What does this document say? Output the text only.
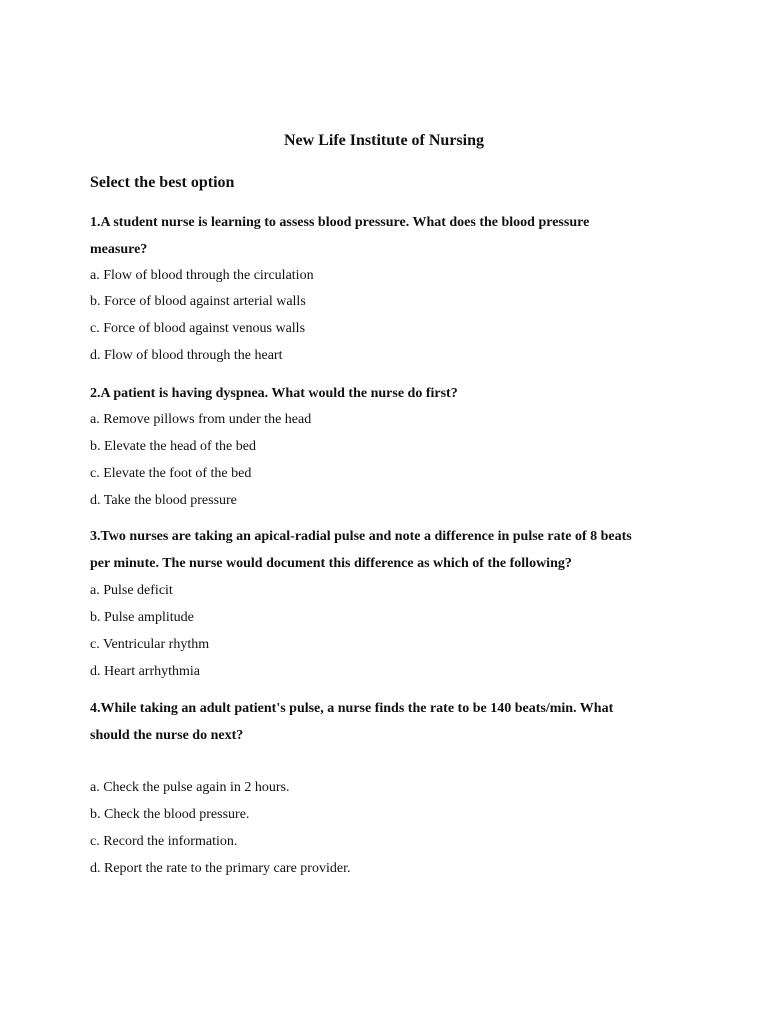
New Life Institute of Nursing
Select the best option
1.A student nurse is learning to assess blood pressure. What does the blood pressure measure?
a. Flow of blood through the circulation
b. Force of blood against arterial walls
c. Force of blood against venous walls
d. Flow of blood through the heart
2.A patient is having dyspnea. What would the nurse do first?
a. Remove pillows from under the head
b. Elevate the head of the bed
c. Elevate the foot of the bed
d. Take the blood pressure
3.Two nurses are taking an apical-radial pulse and note a difference in pulse rate of 8 beats per minute. The nurse would document this difference as which of the following?
a. Pulse deficit
b. Pulse amplitude
c. Ventricular rhythm
d. Heart arrhythmia
4.While taking an adult patient's pulse, a nurse finds the rate to be 140 beats/min. What should the nurse do next?
a. Check the pulse again in 2 hours.
b. Check the blood pressure.
c. Record the information.
d. Report the rate to the primary care provider.
